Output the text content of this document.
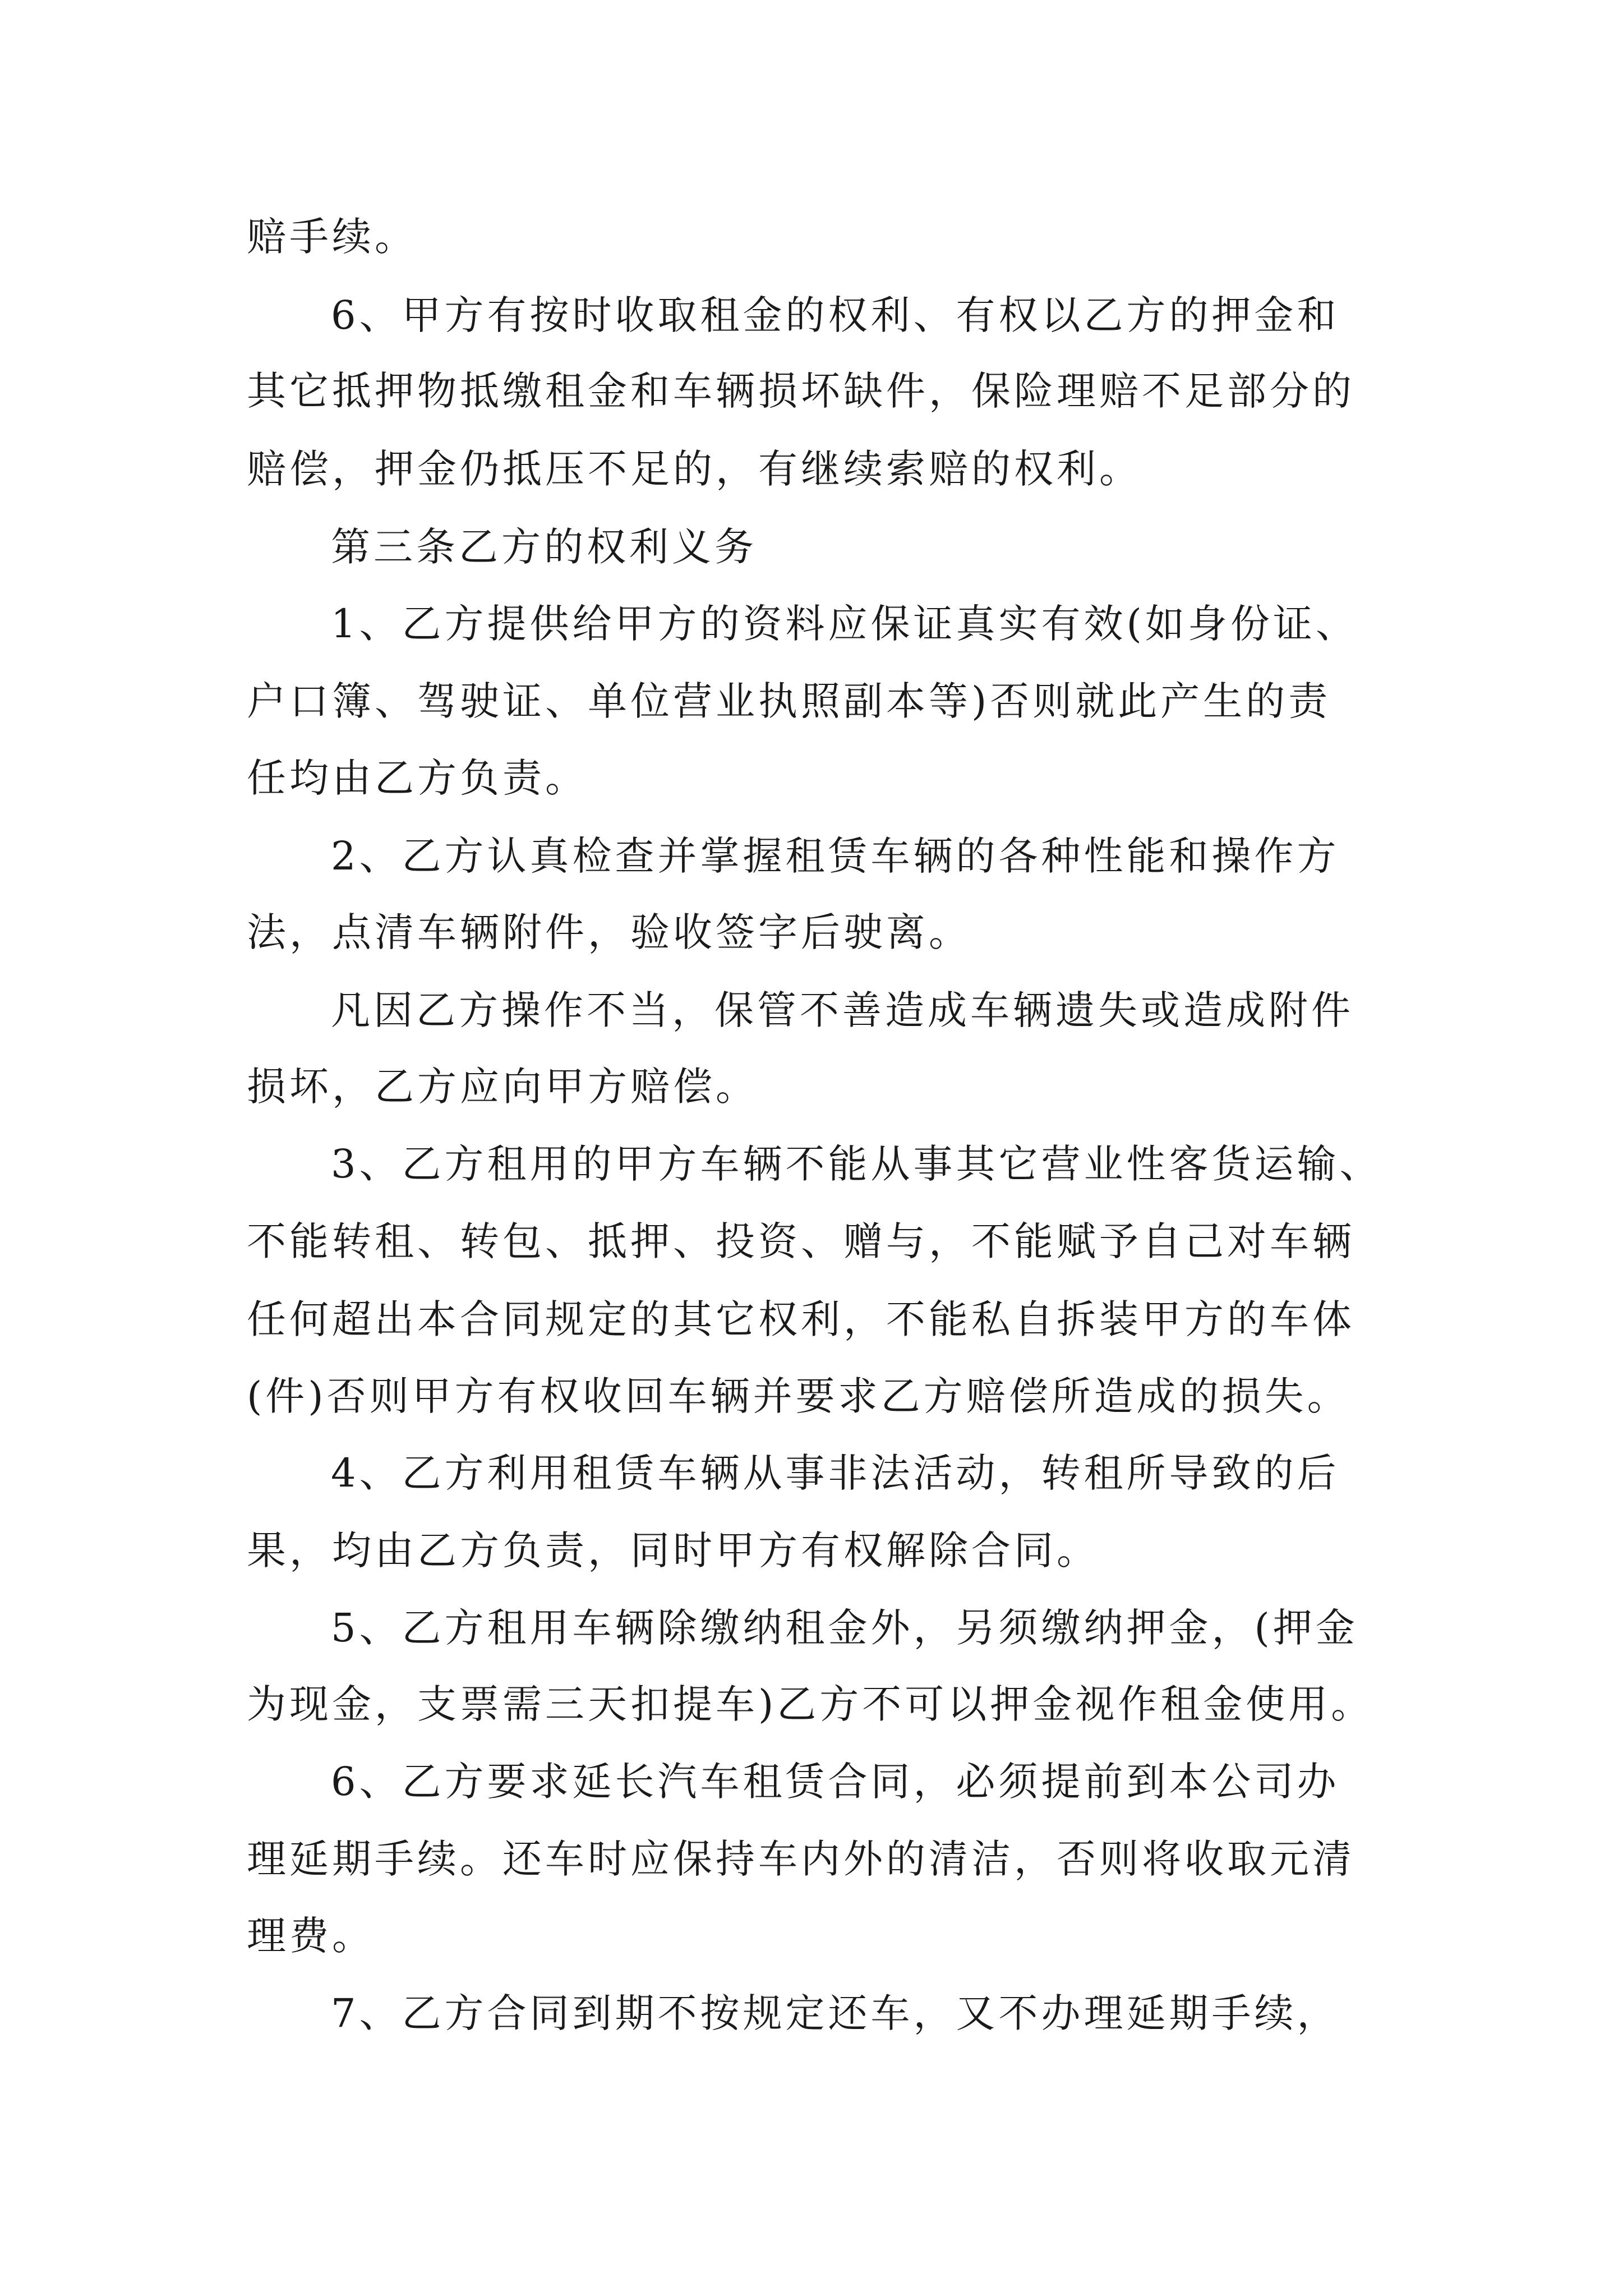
赔手续。
6、甲方有按时收取租金的权利、有权以乙方的押金和
其它抵押物抵缴租金和车辆损坏缺件，保险理赔不足部分的
赔偿，押金仍抵压不足的，有继续索赔的权利。
第三条乙方的权利义务
1、乙方提供给甲方的资料应保证真实有效(如身份证、
户口簿、驾驶证、单位营业执照副本等)否则就此产生的责
任均由乙方负责。
2、乙方认真检查并掌握租赁车辆的各种性能和操作方
法，点清车辆附件，验收签字后驶离。
凡因乙方操作不当，保管不善造成车辆遗失或造成附件
损坏，乙方应向甲方赔偿。
3、乙方租用的甲方车辆不能从事其它营业性客货运输、
不能转租、转包、抵押、投资、赠与，不能赋予自己对车辆
任何超出本合同规定的其它权利，不能私自拆装甲方的车体
(件)否则甲方有权收回车辆并要求乙方赔偿所造成的损失。
4、乙方利用租赁车辆从事非法活动，转租所导致的后
果，均由乙方负责，同时甲方有权解除合同。
5、乙方租用车辆除缴纳租金外，另须缴纳押金，(押金
为现金，支票需三天扣提车)乙方不可以押金视作租金使用。
6、乙方要求延长汽车租赁合同，必须提前到本公司办
理延期手续。还车时应保持车内外的清洁，否则将收取元清
理费。
7、乙方合同到期不按规定还车，又不办理延期手续，
